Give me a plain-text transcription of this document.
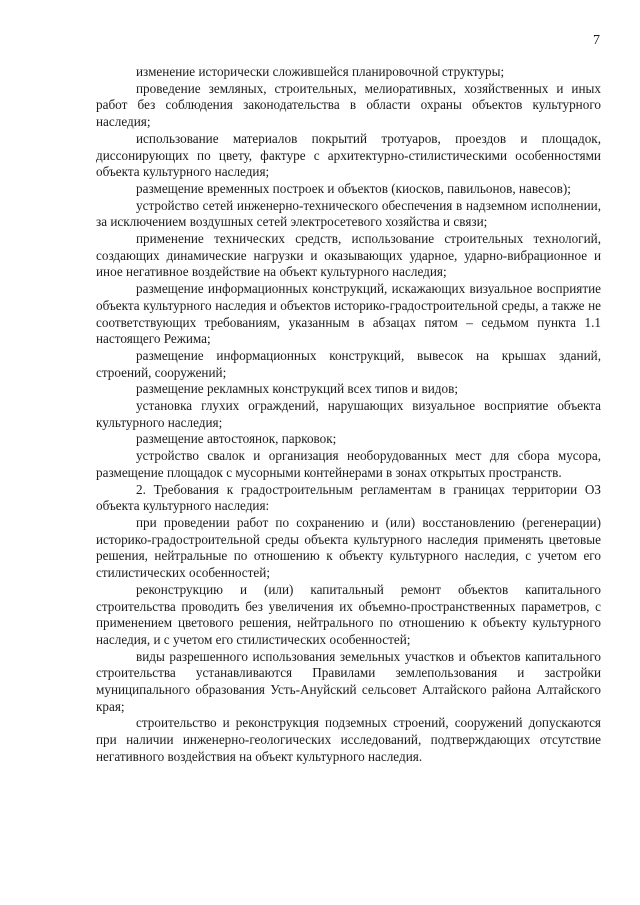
7

изменение исторически сложившейся планировочной структуры;

проведение земляных, строительных, мелиоративных, хозяйственных и иных работ без соблюдения законодательства в области охраны объектов культурного наследия;

использование материалов покрытий тротуаров, проездов и площадок, диссонирующих по цвету, фактуре с архитектурно-стилистическими особенностями объекта культурного наследия;

размещение временных построек и объектов (киосков, павильонов, навесов);

устройство сетей инженерно-технического обеспечения в надземном исполнении, за исключением воздушных сетей электросетевого хозяйства и связи;

применение технических средств, использование строительных технологий, создающих динамические нагрузки и оказывающих ударное, ударно-вибрационное и иное негативное воздействие на объект культурного наследия;

размещение информационных конструкций, искажающих визуальное восприятие объекта культурного наследия и объектов историко-градостроительной среды, а также не соответствующих требованиям, указанным в абзацах пятом – седьмом пункта 1.1 настоящего Режима;

размещение информационных конструкций, вывесок на крышах зданий, строений, сооружений;

размещение рекламных конструкций всех типов и видов;

установка глухих ограждений, нарушающих визуальное восприятие объекта культурного наследия;

размещение автостоянок, парковок;

устройство свалок и организация необорудованных мест для сбора мусора, размещение площадок с мусорными контейнерами в зонах открытых пространств.

2. Требования к градостроительным регламентам в границах территории ОЗ объекта культурного наследия:

при проведении работ по сохранению и (или) восстановлению (регенерации) историко-градостроительной среды объекта культурного наследия применять цветовые решения, нейтральные по отношению к объекту культурного наследия, с учетом его стилистических особенностей;

реконструкцию и (или) капитальный ремонт объектов капитального строительства проводить без увеличения их объемно-пространственных параметров, с применением цветового решения, нейтрального по отношению к объекту культурного наследия, и с учетом его стилистических особенностей;

виды разрешенного использования земельных участков и объектов капитального строительства устанавливаются Правилами землепользования и застройки муниципального образования Усть-Ануйский сельсовет Алтайского района Алтайского края;

строительство и реконструкция подземных строений, сооружений допускаются при наличии инженерно-геологических исследований, подтверждающих отсутствие негативного воздействия на объект культурного наследия.
